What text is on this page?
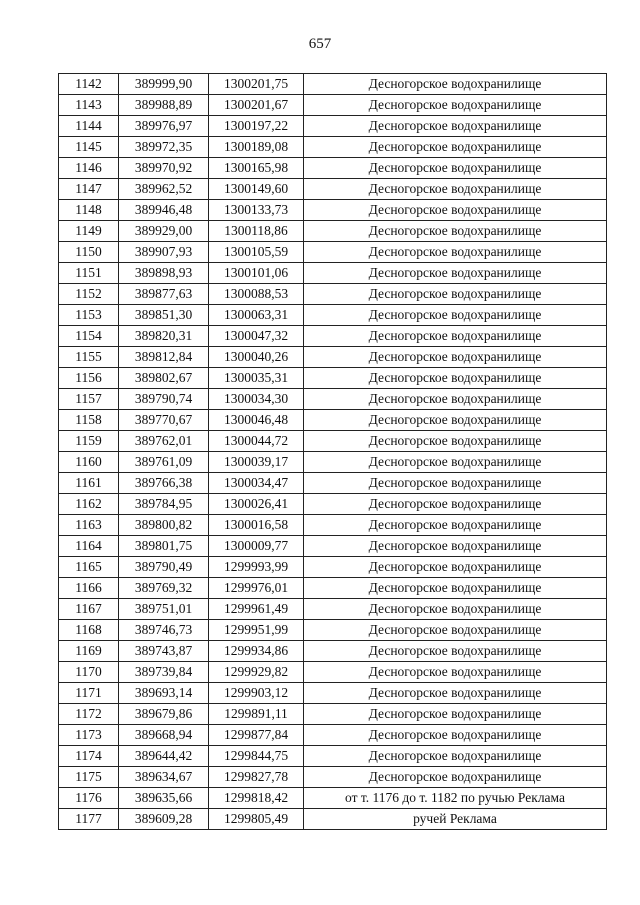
657
1142	389999,90	1300201,75	Десногорское водохранилище
1143	389988,89	1300201,67	Десногорское водохранилище
1144	389976,97	1300197,22	Десногорское водохранилище
1145	389972,35	1300189,08	Десногорское водохранилище
1146	389970,92	1300165,98	Десногорское водохранилище
1147	389962,52	1300149,60	Десногорское водохранилище
1148	389946,48	1300133,73	Десногорское водохранилище
1149	389929,00	1300118,86	Десногорское водохранилище
1150	389907,93	1300105,59	Десногорское водохранилище
1151	389898,93	1300101,06	Десногорское водохранилище
1152	389877,63	1300088,53	Десногорское водохранилище
1153	389851,30	1300063,31	Десногорское водохранилище
1154	389820,31	1300047,32	Десногорское водохранилище
1155	389812,84	1300040,26	Десногорское водохранилище
1156	389802,67	1300035,31	Десногорское водохранилище
1157	389790,74	1300034,30	Десногорское водохранилище
1158	389770,67	1300046,48	Десногорское водохранилище
1159	389762,01	1300044,72	Десногорское водохранилище
1160	389761,09	1300039,17	Десногорское водохранилище
1161	389766,38	1300034,47	Десногорское водохранилище
1162	389784,95	1300026,41	Десногорское водохранилище
1163	389800,82	1300016,58	Десногорское водохранилище
1164	389801,75	1300009,77	Десногорское водохранилище
1165	389790,49	1299993,99	Десногорское водохранилище
1166	389769,32	1299976,01	Десногорское водохранилище
1167	389751,01	1299961,49	Десногорское водохранилище
1168	389746,73	1299951,99	Десногорское водохранилище
1169	389743,87	1299934,86	Десногорское водохранилище
1170	389739,84	1299929,82	Десногорское водохранилище
1171	389693,14	1299903,12	Десногорское водохранилище
1172	389679,86	1299891,11	Десногорское водохранилище
1173	389668,94	1299877,84	Десногорское водохранилище
1174	389644,42	1299844,75	Десногорское водохранилище
1175	389634,67	1299827,78	Десногорское водохранилище
1176	389635,66	1299818,42	от т. 1176 до т. 1182 по ручью Реклама
1177	389609,28	1299805,49	ручей Реклама
